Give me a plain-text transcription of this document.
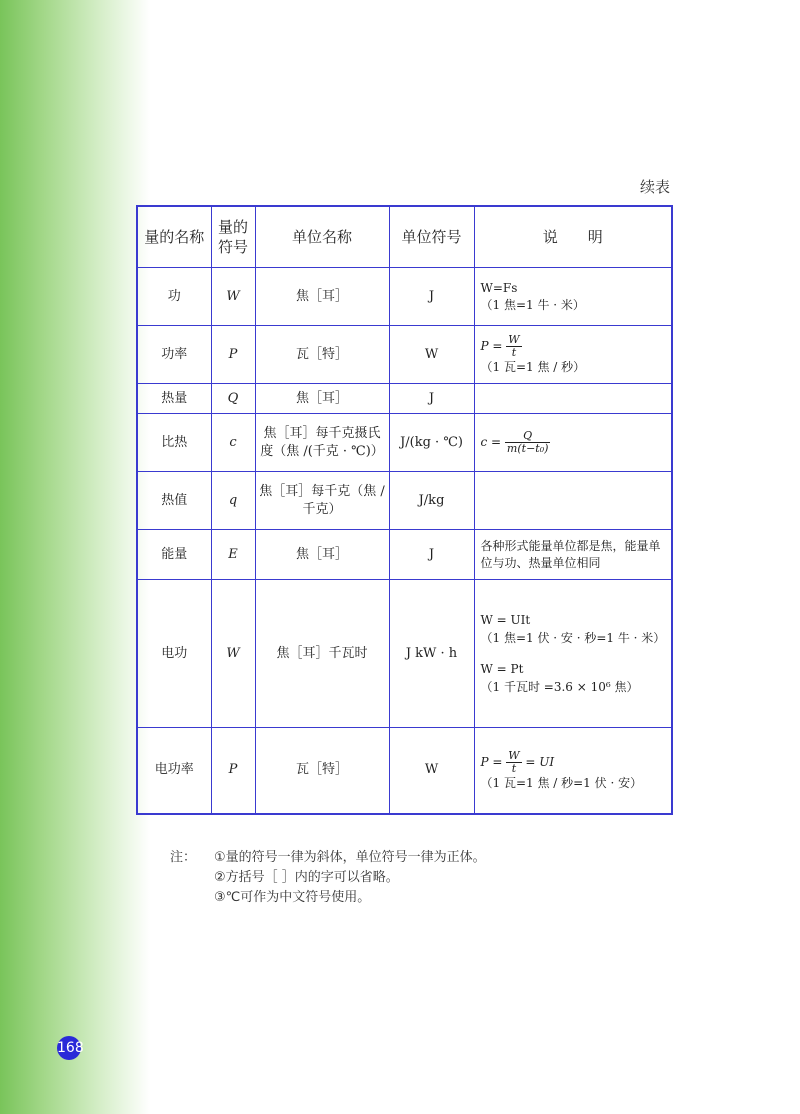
续表
量的名称	量的符号	单位名称	单位符号	说　　明
功	W	焦［耳］	J	W=Fs
（1 焦=1 牛 · 米）

功率	P	瓦［特］	W	$P = \frac{W}{t}$
（1 瓦=1 焦 / 秒）

热量	Q	焦［耳］	J	
比热	c	焦［耳］每千克摄氏度（焦 /(千克 · ℃)）	J/(kg · ℃)	$c = \frac{Q}{\text{m(t−t₀)}}$

热值	q	焦［耳］每千克（焦 / 千克）	J/kg	
能量	E	焦［耳］	J	各种形式能量单位都是焦，能量单位与功、热量单位相同

电功	W	焦［耳］千瓦时	J kW · h	W = UIt
（1 焦=1 伏 · 安 · 秒=1 牛 · 米）
W = Pt
（1 千瓦时 =3.6 × 10⁶ 焦）

电功率	P	瓦［特］	W	$P = \frac{W}{t}$ = UI
（1 瓦=1 焦 / 秒=1 伏 · 安）
注：	①量的符号一律为斜体，单位符号一律为正体。
②方括号［ ］内的字可以省略。
③℃可作为中文符号使用。
168
